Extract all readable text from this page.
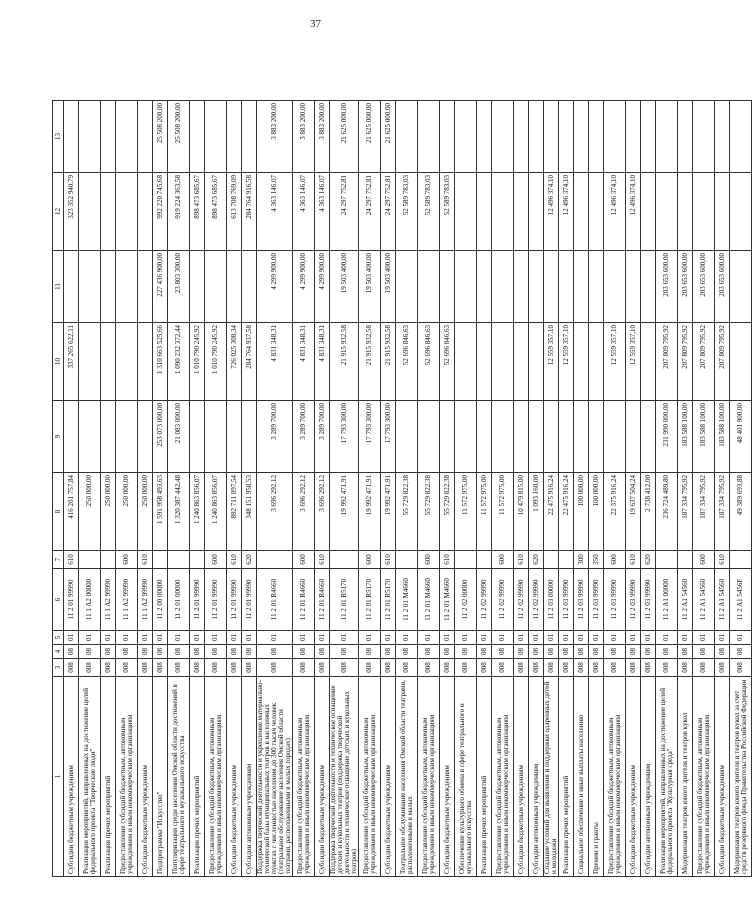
37
1	3	4	5	6	7	8	9	10	11	12	13
Субсидии бюджетным учреждениям	008	08	01	11 2 01 99990	610	416 201 757,84		337 265 622,11		323 352 940,79	
Реализация мероприятий, направленных на достижение целей федерального проекта "Творческие люди"	008	08	01	11 1 A2 00000		250 000,00					
Реализация прочих мероприятий	008	08	01	11 1 A2 99990		250 000,00					
Предоставление субсидий бюджетным, автономным учреждениям и иным некоммерческим организациям	008	08	01	11 1 A2 99990	600	250 000,00					
Субсидии бюджетным учреждениям	008	08	01	11 1 A2 99990	610	250 000,00					
Подпрограмма "Искусство"	008	08	01	11 2 00 00000		1 591 958 493,63	253 073 000,00	1 310 663 525,66	227 436 900,00	992 220 745,68	25 508 200,00
Популяризация среди населения Омской области достижений в сфере театрального и музыкального искусства	008	08	01	11 2 01 00000		1 320 387 442,48	21 083 000,00	1 090 232 372,44	23 803 300,00	919 224 363,58	25 508 200,00
Реализация прочих мероприятий	008	08	01	11 2 01 99990		1 240 863 856,07		1 010 790 245,92		898 473 685,67	
Предоставление субсидий бюджетным, автономным учреждениям и иным некоммерческим организациям	008	08	01	11 2 01 99990	600	1 240 863 856,07		1 010 790 245,92		898 473 685,67	
Субсидии бюджетным учреждениям	008	08	01	11 2 01 99990	610	892 711 897,54		726 025 308,34		613 708 769,09	
Субсидии автономным учреждениям	008	08	01	11 2 01 99990	620	348 151 958,53		284 764 937,58		284 764 916,58	
Поддержка творческой деятельности и укрепление материально-технической базы муниципальных театров в населенных пунктах с численностью населения до 300 тысяч человек (театральное обслуживание населения Омской области театрами, расположенными в малых городах)	008	08	01	11 2 01 R4660		3 696 292,12	3 289 700,00	4 831 348,31	4 299 900,00	4 363 146,07	3 883 200,00
Предоставление субсидий бюджетным, автономным учреждениям и иным некоммерческим организациям	008	08	01	11 2 01 R4660	600	3 696 292,12	3 289 700,00	4 831 348,31	4 299 900,00	4 363 146,07	3 883 200,00
Субсидии бюджетным учреждениям	008	08	01	11 2 01 R4660	610	3 696 292,12	3 289 700,00	4 831 348,31	4 299 900,00	4 363 146,07	3 883 200,00
Поддержка творческой деятельности и техническое оснащение детских и кукольных театров (поддержка творческой деятельности и техническое оснащение детских и кукольных театров)	008	08	01	11 2 01 R5170		19 992 471,91	17 793 300,00	21 915 932,58	19 503 400,00	24 297 752,81	21 625 000,00
Предоставление субсидий бюджетным, автономным учреждениям и иным некоммерческим организациям	008	08	01	11 2 01 R5170	600	19 992 471,91	17 793 300,00	21 915 932,58	19 503 400,00	24 297 752,81	21 625 000,00
Субсидии бюджетным учреждениям	008	08	01	11 2 01 R5170	610	19 992 471,91	17 793 300,00	21 915 932,58	19 503 400,00	24 297 752,81	21 625 000,00
Театральное обслуживание населения Омской области театрами, расположенными в малых	008	08	01	11 2 01 M4660		55 729 822,38		52 696 846,63		52 589 783,03	
Предоставление субсидий бюджетным, автономным учреждениям и иным некоммерческим организациям	008	08	01	11 2 01 M4660	600	55 729 822,38		52 696 846,63		52 589 783,03	
Субсидии бюджетным учреждениям	008	08	01	11 2 01 M4660	610	55 729 822,38		52 696 846,63		52 589 783,03	
Обеспечение культурного обмена в сфере театрального и музыкального искусства	008	08	01	11 2 02 00000		11 572 975,00					
Реализация прочих мероприятий	008	08	01	11 2 02 99990		11 572 975,00					
Предоставление субсидий бюджетным, автономным учреждениям и иным некоммерческим организациям	008	08	01	11 2 02 99990	600	11 572 975,00					
Субсидии бюджетным учреждениям	008	08	01	11 2 02 99990	610	10 479 815,00					
Субсидии автономным учреждениям	008	08	01	11 2 02 99990	620	1 093 160,00					
Создание условий для выявления и поддержки одаренных детей и молодежи	008	08	01	11 2 03 00000		22 475 916,24		12 559 357,10		12 496 374,10	
Реализация прочих мероприятий	008	08	01	11 2 03 99990		22 475 916,24		12 559 357,10		12 496 374,10	
Социальное обеспечение и иные выплаты населению	008	08	01	11 2 03 99990	300	100 000,00					
Премии и гранты	008	08	01	11 2 03 99990	350	100 000,00					
Предоставление субсидий бюджетным, автономным учреждениям и иным некоммерческим организациям	008	08	01	11 2 03 99990	600	22 375 916,24		12 559 357,10		12 496 374,10	
Субсидии бюджетным учреждениям	008	08	01	11 2 03 99990	610	19 637 504,24		12 559 357,10		12 496 374,10	
Субсидии автономным учреждениям	008	08	01	11 2 03 99990	620	2 738 412,00					
Реализация мероприятий, направленных на достижение целей федерального проекта "Культурная среда"	008	08	01	11 2 A1 00000		236 724 489,80	231 990 000,00	207 809 795,92	203 653 600,00		
Модернизация театров юного зрителя и театров кукол	008	08	01	11 2 A1 54560		187 334 795,92	183 588 100,00	207 809 795,92	203 653 600,00		
Предоставление субсидий бюджетным, автономным учреждениям и иным некоммерческим организациям	008	08	01	11 2 A1 54560	600	187 334 795,92	183 588 100,00	207 809 795,92	203 653 600,00		
Субсидии бюджетным учреждениям	008	08	01	11 2 A1 54560	610	187 334 795,92	183 588 100,00	207 809 795,92	203 653 600,00		
Модернизация театров юного зрителя и театров кукол за счет средств резервного фонда Правительства Российской Федерации	008	08	01	11 2 A1 5456F		49 389 693,88	48 401 900,00				
